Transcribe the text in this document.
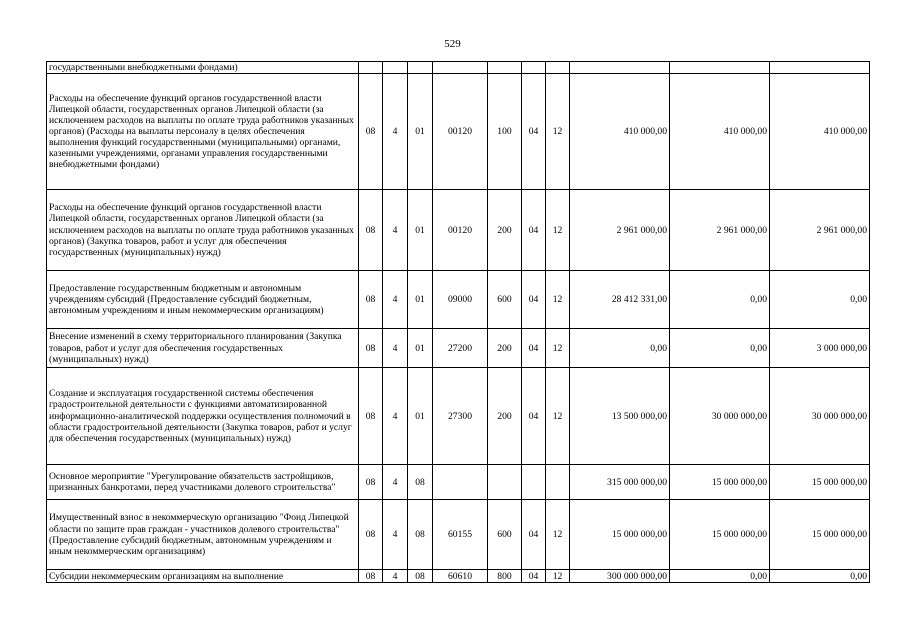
529
государственными внебюджетными фондами)										
Расходы на обеспечение функций органов государственной власти Липецкой области, государственных органов Липецкой области (за исключением расходов на выплаты по оплате труда работников указанных органов) (Расходы на выплаты персоналу в целях обеспечения выполнения функций государственными (муниципальными) органами, казенными учреждениями, органами управления государственными внебюджетными фондами)	08	4	01	00120	100	04	12	410 000,00	410 000,00	410 000,00
Расходы на обеспечение функций органов государственной власти Липецкой области, государственных органов Липецкой области (за исключением расходов на выплаты по оплате труда работников указанных органов) (Закупка товаров, работ и услуг для обеспечения государственных (муниципальных) нужд)	08	4	01	00120	200	04	12	2 961 000,00	2 961 000,00	2 961 000,00
Предоставление государственным бюджетным и автономным учреждениям субсидий (Предоставление субсидий бюджетным, автономным учреждениям и иным некоммерческим организациям)	08	4	01	09000	600	04	12	28 412 331,00	0,00	0,00
Внесение изменений в схему территориального планирования (Закупка товаров, работ и услуг для обеспечения государственных (муниципальных) нужд)	08	4	01	27200	200	04	12	0,00	0,00	3 000 000,00
Создание и эксплуатация государственной системы обеспечения градостроительной деятельности с функциями автоматизированной информационно-аналитической поддержки осуществления полномочий в области градостроительной деятельности (Закупка товаров, работ и услуг для обеспечения государственных (муниципальных) нужд)	08	4	01	27300	200	04	12	13 500 000,00	30 000 000,00	30 000 000,00
Основное мероприятие "Урегулирование обязательств застройщиков, признанных банкротами, перед участниками долевого строительства"	08	4	08					315 000 000,00	15 000 000,00	15 000 000,00
Имущественный взнос в некоммерческую организацию "Фонд Липецкой области по защите прав граждан - участников долевого строительства" (Предоставление субсидий бюджетным, автономным учреждениям и иным некоммерческим организациям)	08	4	08	60155	600	04	12	15 000 000,00	15 000 000,00	15 000 000,00
Субсидии некоммерческим организациям на выполнение	08	4	08	60610	800	04	12	300 000 000,00	0,00	0,00
